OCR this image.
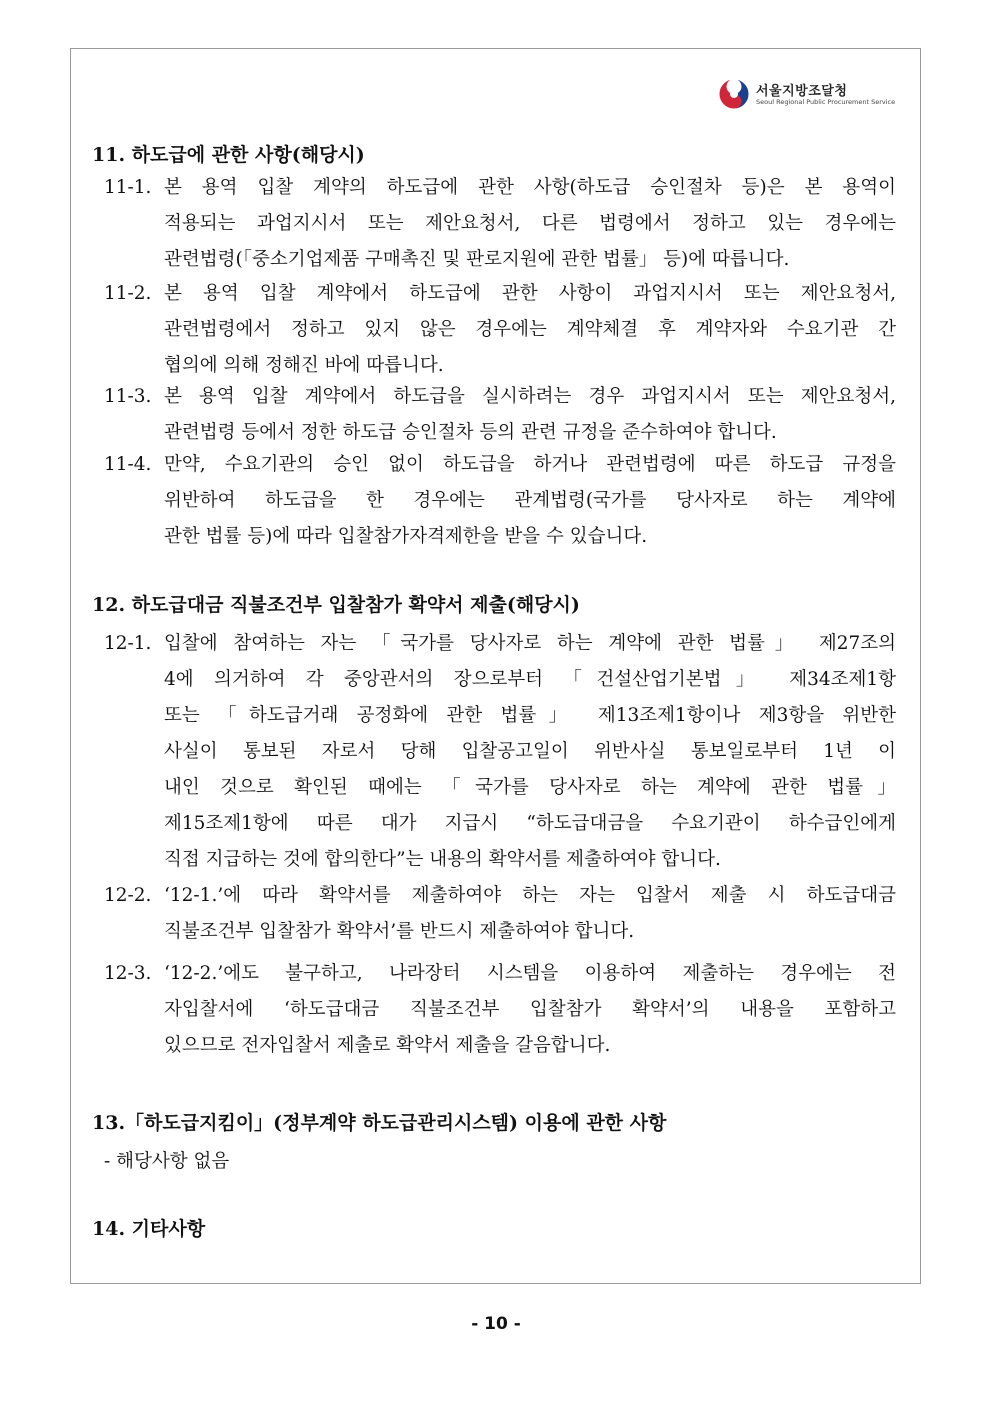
서울지방조달청
Seoul Regional Public Procurement Service
11. 하도급에 관한 사항(해당시)
11-1. 본 용역 입찰 계약의 하도급에 관한 사항(하도급 승인절차 등)은 본 용역이
적용되는 과업지시서 또는 제안요청서, 다른 법령에서 정하고 있는 경우에는
관련법령(「중소기업제품 구매촉진 및 판로지원에 관한 법률」 등)에 따릅니다.
11-2. 본 용역 입찰 계약에서 하도급에 관한 사항이 과업지시서 또는 제안요청서,
관련법령에서 정하고 있지 않은 경우에는 계약체결 후 계약자와 수요기관 간
협의에 의해 정해진 바에 따릅니다.
11-3. 본 용역 입찰 계약에서 하도급을 실시하려는 경우 과업지시서 또는 제안요청서,
관련법령 등에서 정한 하도급 승인절차 등의 관련 규정을 준수하여야 합니다.
11-4. 만약, 수요기관의 승인 없이 하도급을 하거나 관련법령에 따른 하도급 규정을
위반하여 하도급을 한 경우에는 관계법령(국가를 당사자로 하는 계약에
관한 법률 등)에 따라 입찰참가자격제한을 받을 수 있습니다.
12. 하도급대금 직불조건부 입찰참가 확약서 제출(해당시)
12-1. 입찰에 참여하는 자는 「국가를 당사자로 하는 계약에 관한 법률」 제27조의
4에 의거하여 각 중앙관서의 장으로부터 「건설산업기본법」 제34조제1항
또는 「하도급거래 공정화에 관한 법률」 제13조제1항이나 제3항을 위반한
사실이 통보된 자로서 당해 입찰공고일이 위반사실 통보일로부터 1년 이
내인 것으로 확인된 때에는 「국가를 당사자로 하는 계약에 관한 법률」
제15조제1항에 따른 대가 지급시 “하도급대금을 수요기관이 하수급인에게
직접 지급하는 것에 합의한다”는 내용의 확약서를 제출하여야 합니다.
12-2. ‘12-1.’에 따라 확약서를 제출하여야 하는 자는 입찰서 제출 시 하도급대금
직불조건부 입찰참가 확약서’를 반드시 제출하여야 합니다.
12-3. ‘12-2.’에도 불구하고, 나라장터 시스템을 이용하여 제출하는 경우에는 전
자입찰서에 ‘하도급대금 직불조건부 입찰참가 확약서’의 내용을 포함하고
있으므로 전자입찰서 제출로 확약서 제출을 갈음합니다.
13.「하도급지킴이」(정부계약 하도급관리시스템) 이용에 관한 사항
- 해당사항 없음
14. 기타사항
- 10 -
